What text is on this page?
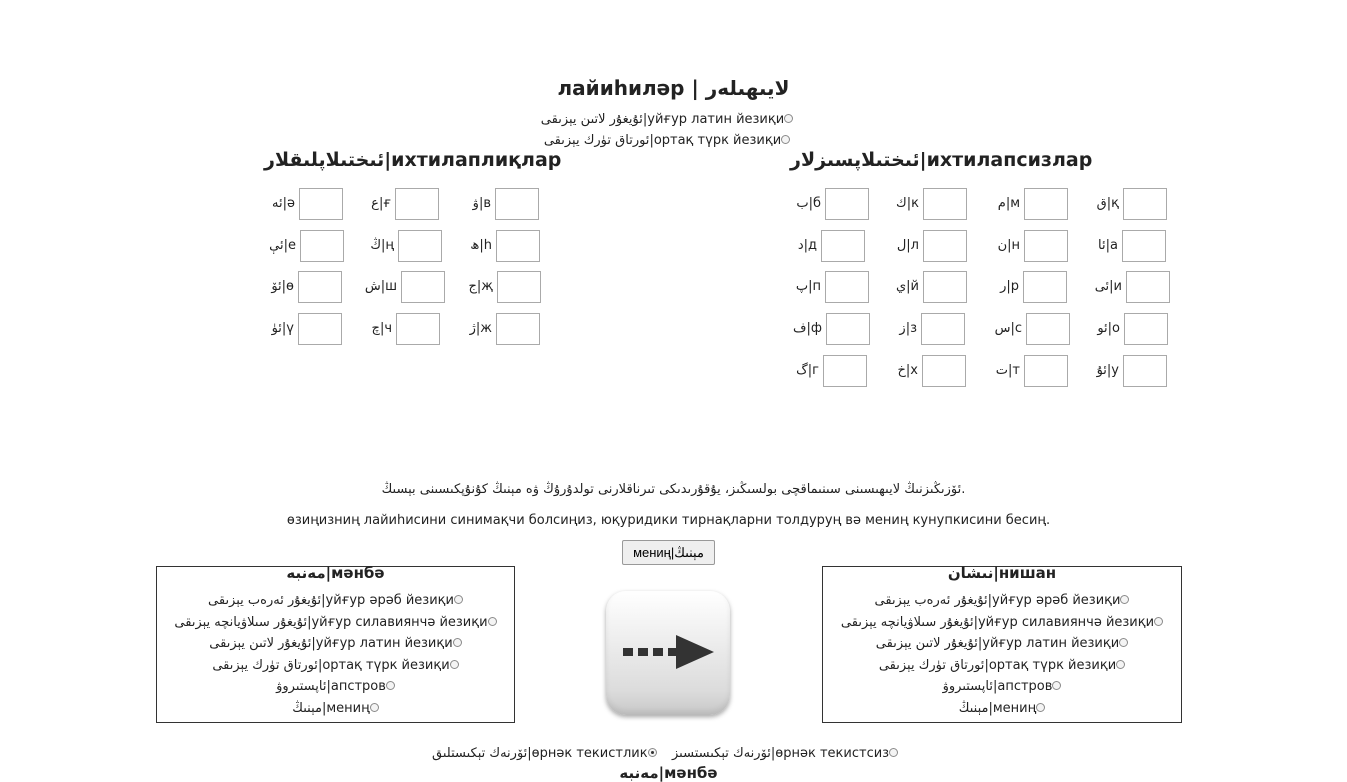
лайиһиләр | لايىھىلەر
ئۇيغۇر لاتىن يېزىقى|уйғур латин йезиқи
ئورتاق تۈرك يېزىقى|ортақ түрк йезиқи
ئىختىلاپلىقلار|ихтилаплиқлар	ئىختىلاپسىزلار|ихтилапсизлар
ئە|ә	ع|ғ	ۋ|в
ئې|е	ڭ|ң	ھ|һ
ئۆ|ө	ش|ш	ج|җ
ئۈ|ү	چ|ч	ژ|ж
ب|б	ك|к	م|м	ق|қ
د|д	ل|л	ن|н	ئا|а
پ|п	ي|й	ر|р	ئى|и
ف|ф	ز|з	س|с	ئو|о
گ|г	خ|х	ت|т	ئۇ|у
ئۆزىڭىزنىڭ لايىھىسىنى سىنىماقچى بولسىڭىز، يۇقۇرىدىكى تىرناقلارنى تولدۇرۇڭ ۋە مېنىڭ كۇنۇپكىسىنى بېسىڭ.
өзиңизниң лайиһисини синимақчи болсиңиз, юқуридики тирнақларни толдуруң вә мениң кунупкисини бесиң.
мениң|مېنىڭ
مەنبە|мәнбә
ئۇيغۇر ئەرەب يېزىقى|уйғур әрәб йезиқи
ئۇيغۇر سىلاۋيانچە يېزىقى|уйғур силавиянчә йезиқи
ئۇيغۇر لاتىن يېزىقى|уйғур латин йезиқи
ئورتاق تۈرك يېزىقى|ортақ түрк йезиқи
ئاپستىروۋ|апстров
مېنىڭ|мениң
نىشان|нишан
ئۇيغۇر ئەرەب يېزىقى|уйғур әрәб йезиқи
ئۇيغۇر سىلاۋيانچە يېزىقى|уйғур силавиянчә йезиқи
ئۇيغۇر لاتىن يېزىقى|уйғур латин йезиқи
ئورتاق تۈرك يېزىقى|ортақ түрк йезиқи
ئاپستىروۋ|апстров
مېنىڭ|мениң
ئۆرنەك تېكىستلىق|өрнәк текистлик	ئۆرنەك تېكىستسىز|өрнәк текистсиз
مەنبە|мәнбә
